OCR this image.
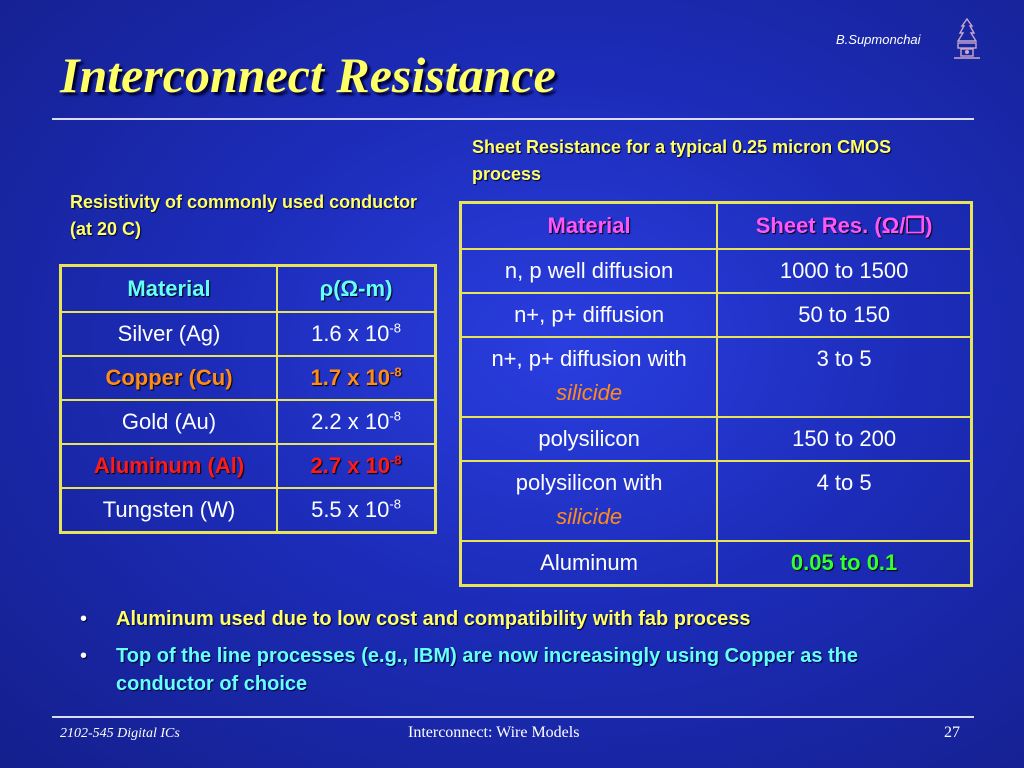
B.Supmonchai
Interconnect Resistance
Resistivity of commonly used conductor (at 20 C)
Material	ρ(Ω-m)
Silver (Ag)	1.6 x $10^{-8}$
Copper (Cu)	1.7 x $10^{-8}$
Gold (Au)	2.2 x $10^{-8}$
Aluminum (Al)	2.7 x $10^{-8}$
Tungsten (W)	5.5 x $10^{-8}$
Sheet Resistance for a typical 0.25 micron CMOS process
Material	Sheet Res. (Ω/❐)
n, p well diffusion	1000 to 1500
n+, p+ diffusion	50 to 150
n+, p+ diffusion with silicide	3 to 5
polysilicon	150 to 200
polysilicon with
silicide	4 to 5
Aluminum	0.05 to 0.1
• Aluminum used due to low cost and compatibility with fab process
• Top of the line processes (e.g., IBM) are now increasingly using Copper as the conductor of choice
2102-545 Digital ICs	Interconnect: Wire Models	27
